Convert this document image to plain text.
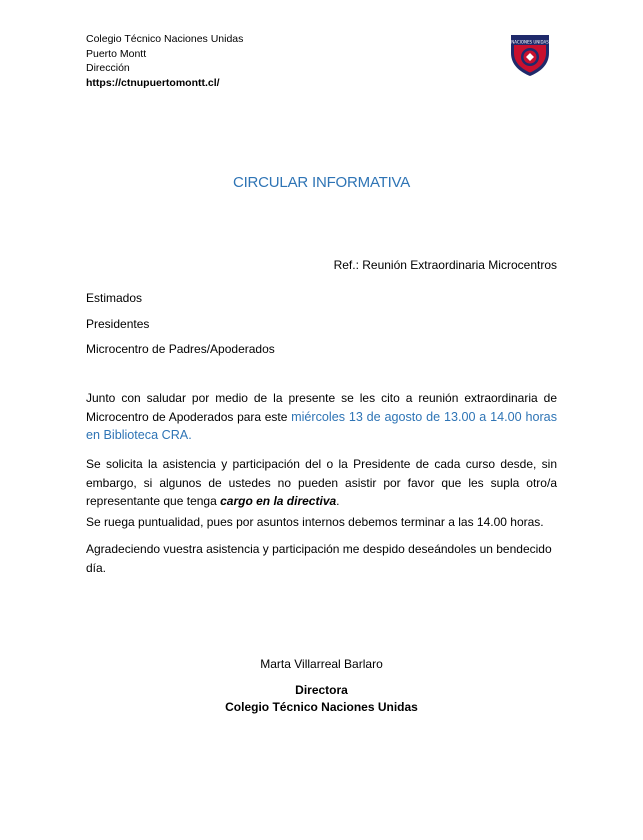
Colegio Técnico Naciones Unidas
Puerto Montt
Dirección
https://ctnupuertomontt.cl/
NACIONES UNIDAS
CIRCULAR INFORMATIVA
Ref.: Reunión Extraordinaria Microcentros
Estimados
Presidentes
Microcentro de Padres/Apoderados
Junto con saludar por medio de la presente se les cito a reunión extraordinaria de Microcentro de Apoderados para este miércoles 13 de agosto de 13.00 a 14.00 horas en Biblioteca CRA.
Se solicita la asistencia y participación del o la Presidente de cada curso desde, sin embargo, si algunos de ustedes no pueden asistir por favor que les supla otro/a representante que tenga cargo en la directiva.
Se ruega puntualidad, pues por asuntos internos debemos terminar a las 14.00 horas.
Agradeciendo vuestra asistencia y participación me despido deseándoles un bendecido día.
Marta Villarreal Barlaro
Directora
Colegio Técnico Naciones Unidas
